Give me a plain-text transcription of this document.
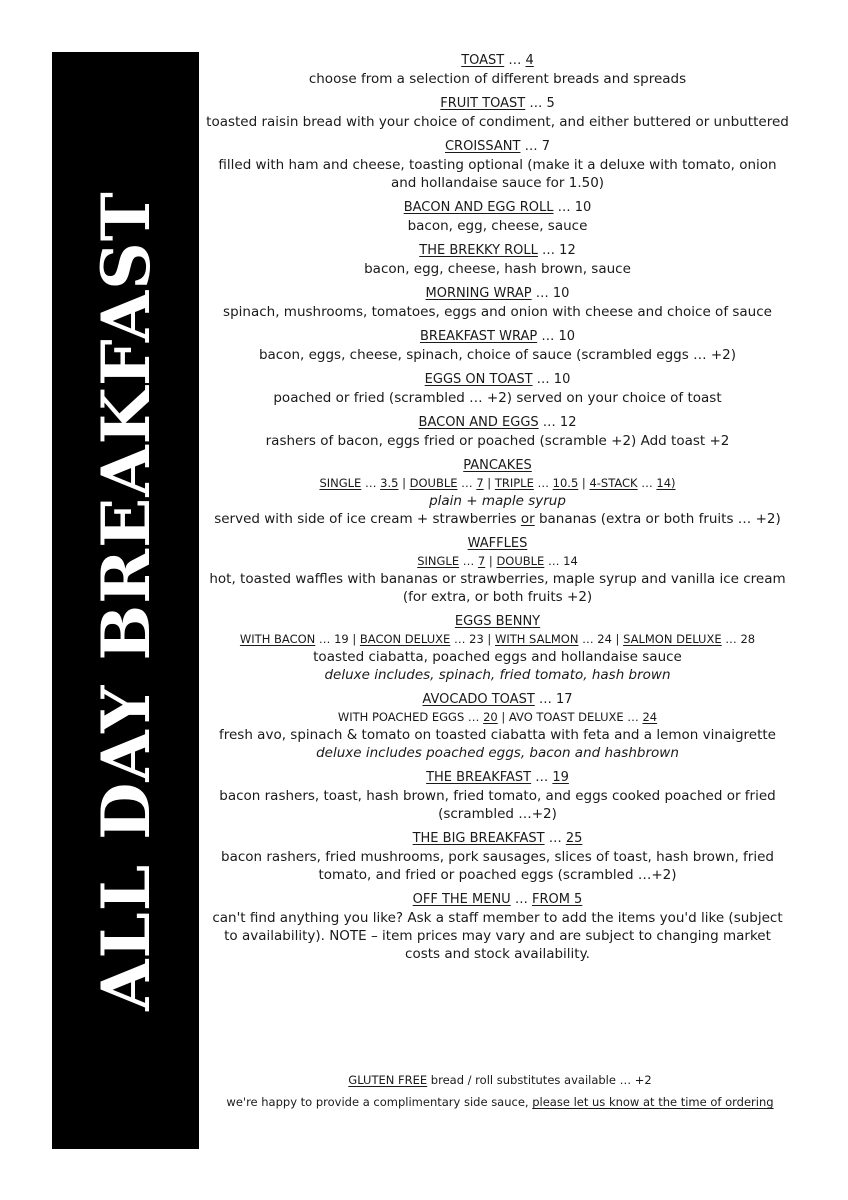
ALL DAY BREAKFAST
TOAST … 4
choose from a selection of different breads and spreads
FRUIT TOAST … 5
toasted raisin bread with your choice of condiment, and either buttered or unbuttered
CROISSANT … 7
filled with ham and cheese, toasting optional (make it a deluxe with tomato, onion and hollandaise sauce for 1.50)
BACON AND EGG ROLL … 10
bacon, egg, cheese, sauce
THE BREKKY ROLL … 12
bacon, egg, cheese, hash brown, sauce
MORNING WRAP … 10
spinach, mushrooms, tomatoes, eggs and onion with cheese and choice of sauce
BREAKFAST WRAP … 10
bacon, eggs, cheese, spinach, choice of sauce (scrambled eggs … +2)
EGGS ON TOAST … 10
poached or fried (scrambled … +2) served on your choice of toast
BACON AND EGGS … 12
rashers of bacon, eggs fried or poached (scramble +2) Add toast +2
PANCAKES
SINGLE … 3.5 | DOUBLE … 7 | TRIPLE … 10.5 | 4-STACK … 14)
plain + maple syrup
served with side of ice cream + strawberries or bananas (extra or both fruits … +2)
WAFFLES
SINGLE … 7 | DOUBLE … 14
hot, toasted waffles with bananas or strawberries, maple syrup and vanilla ice cream (for extra, or both fruits +2)
EGGS BENNY
WITH BACON … 19 | BACON DELUXE … 23 | WITH SALMON … 24 | SALMON DELUXE … 28
toasted ciabatta, poached eggs and hollandaise sauce
deluxe includes, spinach, fried tomato, hash brown
AVOCADO TOAST … 17
WITH POACHED EGGS … 20 | AVO TOAST DELUXE … 24
fresh avo, spinach & tomato on toasted ciabatta with feta and a lemon vinaigrette
deluxe includes poached eggs, bacon and hashbrown
THE BREAKFAST … 19
bacon rashers, toast, hash brown, fried tomato, and eggs cooked poached or fried (scrambled …+2)
THE BIG BREAKFAST … 25
bacon rashers, fried mushrooms, pork sausages, slices of toast, hash brown, fried tomato, and fried or poached eggs (scrambled …+2)
OFF THE MENU … FROM 5
can't find anything you like? Ask a staff member to add the items you'd like (subject to availability). NOTE – item prices may vary and are subject to changing market costs and stock availability.
GLUTEN FREE bread / roll substitutes available … +2
we're happy to provide a complimentary side sauce, please let us know at the time of ordering
